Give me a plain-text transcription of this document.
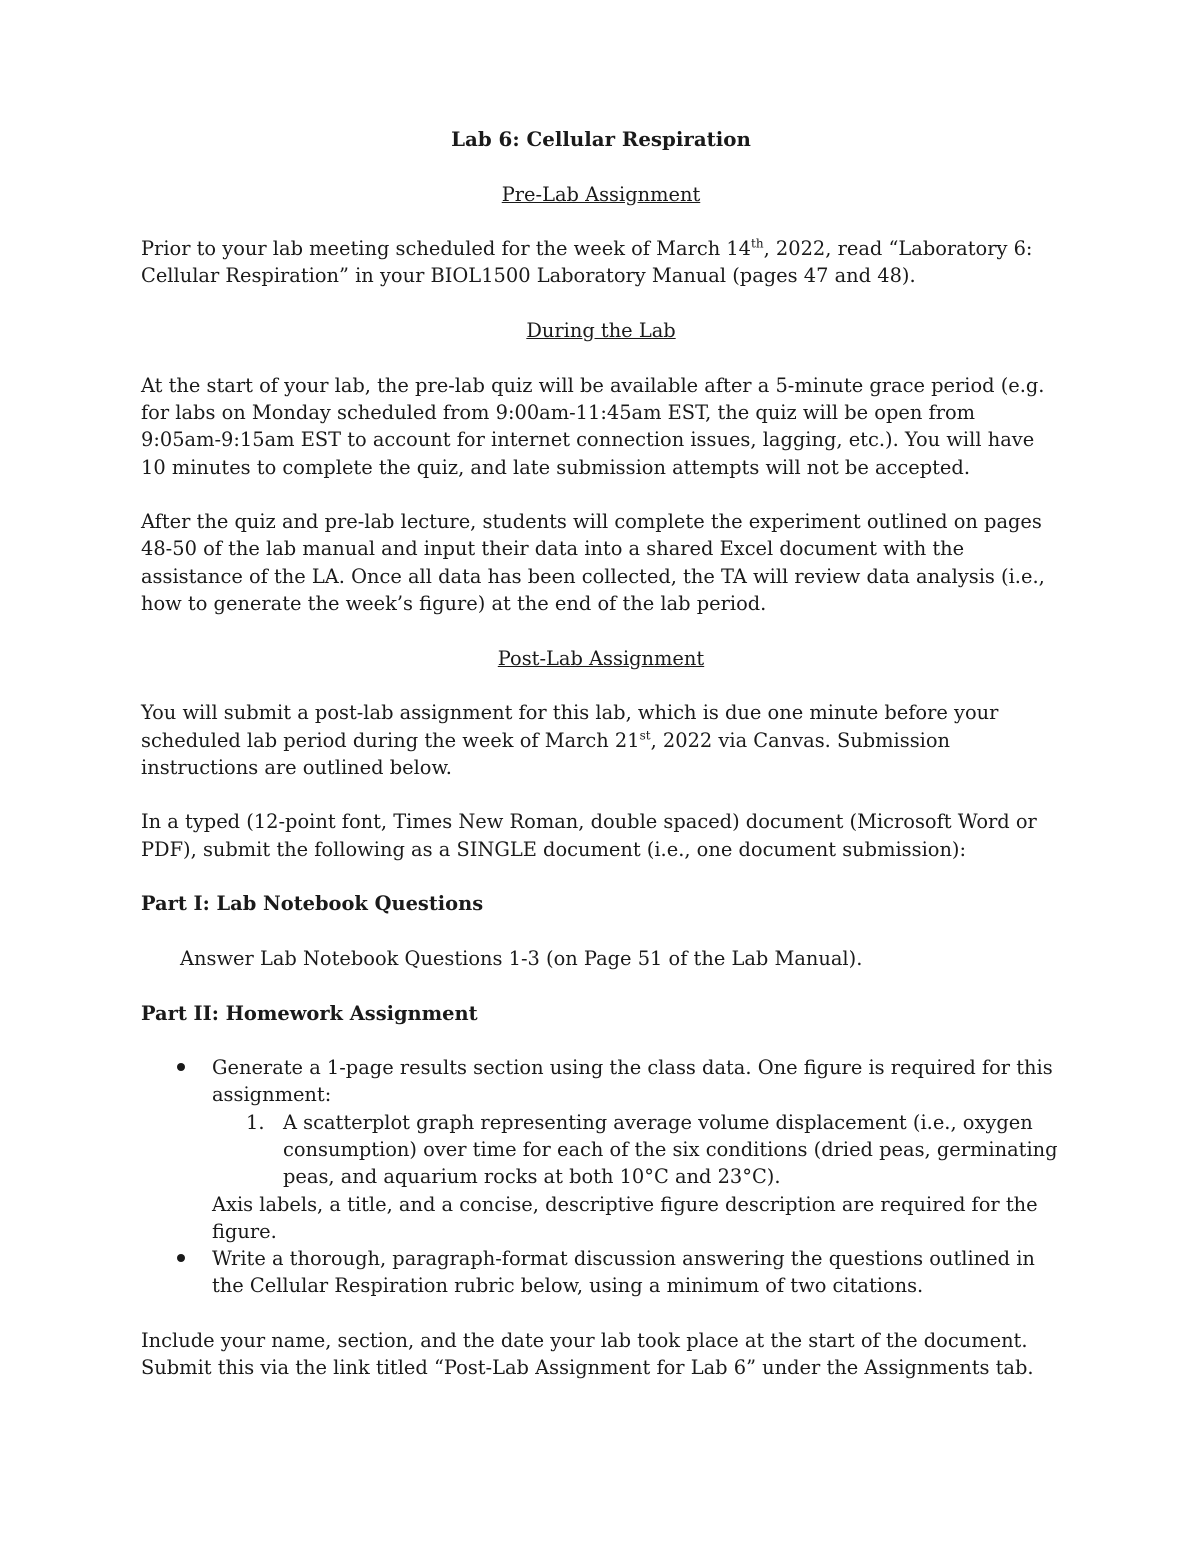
Lab 6: Cellular Respiration

Pre-Lab Assignment

Prior to your lab meeting scheduled for the week of March 14th, 2022, read “Laboratory 6: Cellular Respiration” in your BIOL1500 Laboratory Manual (pages 47 and 48).

During the Lab

At the start of your lab, the pre-lab quiz will be available after a 5-minute grace period (e.g. for labs on Monday scheduled from 9:00am-11:45am EST, the quiz will be open from 9:05am-9:15am EST to account for internet connection issues, lagging, etc.). You will have 10 minutes to complete the quiz, and late submission attempts will not be accepted.

After the quiz and pre-lab lecture, students will complete the experiment outlined on pages 48-50 of the lab manual and input their data into a shared Excel document with the assistance of the LA. Once all data has been collected, the TA will review data analysis (i.e., how to generate the week’s figure) at the end of the lab period.

Post-Lab Assignment

You will submit a post-lab assignment for this lab, which is due one minute before your scheduled lab period during the week of March 21st, 2022 via Canvas. Submission instructions are outlined below.

In a typed (12-point font, Times New Roman, double spaced) document (Microsoft Word or PDF), submit the following as a SINGLE document (i.e., one document submission):

Part I: Lab Notebook Questions

Answer Lab Notebook Questions 1-3 (on Page 51 of the Lab Manual).

Part II: Homework Assignment

Generate a 1-page results section using the class data. One figure is required for this assignment:
1. A scatterplot graph representing average volume displacement (i.e., oxygen consumption) over time for each of the six conditions (dried peas, germinating peas, and aquarium rocks at both 10°C and 23°C).
Axis labels, a title, and a concise, descriptive figure description are required for the figure.
Write a thorough, paragraph-format discussion answering the questions outlined in the Cellular Respiration rubric below, using a minimum of two citations.

Include your name, section, and the date your lab took place at the start of the document. Submit this via the link titled “Post-Lab Assignment for Lab 6” under the Assignments tab.
